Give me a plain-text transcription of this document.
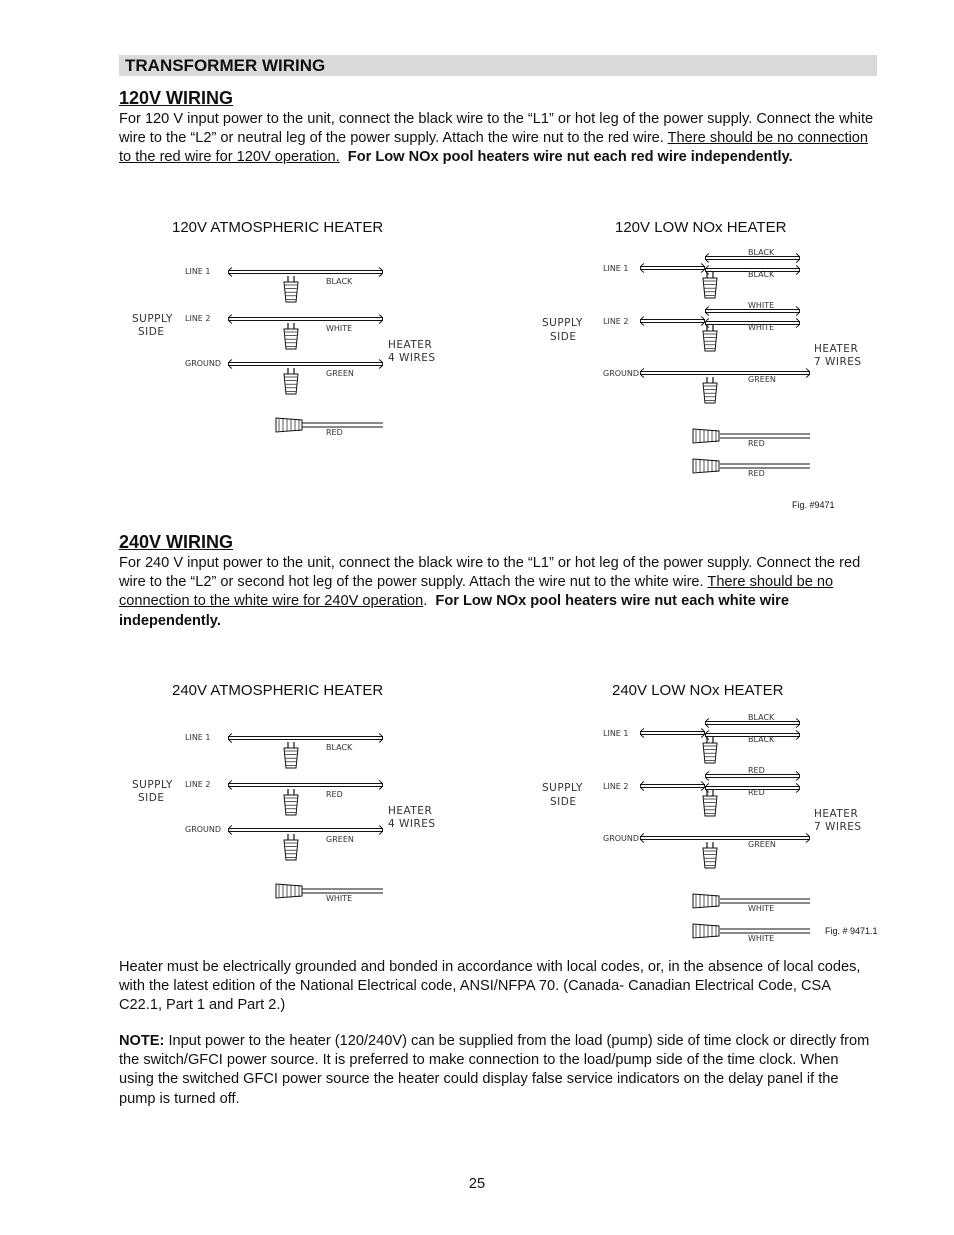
TRANSFORMER WIRING
120V WIRING
For 120 V input power to the unit, connect the black wire to the “L1” or hot leg of the power supply. Connect the white wire to the “L2” or neutral leg of the power supply. Attach the wire nut to the red wire. There should be no connection to the red wire for 120V operation. For Low NOx pool heaters wire nut each red wire independently.
120V ATMOSPHERIC HEATER	120V LOW NOx HEATER
Fig. #9471
240V WIRING
For 240 V input power to the unit, connect the black wire to the “L1” or hot leg of the power supply. Connect the red wire to the “L2” or second hot leg of the power supply. Attach the wire nut to the white wire. There should be no connection to the white wire for 240V operation. For Low NOx pool heaters wire nut each white wire independently.
240V ATMOSPHERIC HEATER	240V LOW NOx HEATER
Fig. # 9471.1
Heater must be electrically grounded and bonded in accordance with local codes, or, in the absence of local codes, with the latest edition of the National Electrical code, ANSI/NFPA 70. (Canada- Canadian Electrical Code, CSA C22.1, Part 1 and Part 2.)
NOTE: Input power to the heater (120/240V) can be supplied from the load (pump) side of time clock or directly from the switch/GFCI power source. It is preferred to make connection to the load/pump side of the time clock. When using the switched GFCI power source the heater could display false service indicators on the delay panel if the pump is turned off.
25
LINE 1
BLACK
LINE 2
WHITE
GROUND
GREEN
RED
SUPPLY
SIDE
HEATER
4 WIRES
BLACK
BLACK
LINE 1
WHITE
WHITE
LINE 2
GREEN
GROUND
RED
RED
SUPPLY
SIDE
HEATER
7 WIRES
LINE 1
BLACK
LINE 2
RED
GROUND
GREEN
WHITE
SUPPLY
SIDE
HEATER
4 WIRES
BLACK
BLACK
LINE 1
RED
RED
LINE 2
GREEN
GROUND
WHITE
WHITE
SUPPLY
SIDE
HEATER
7 WIRES
